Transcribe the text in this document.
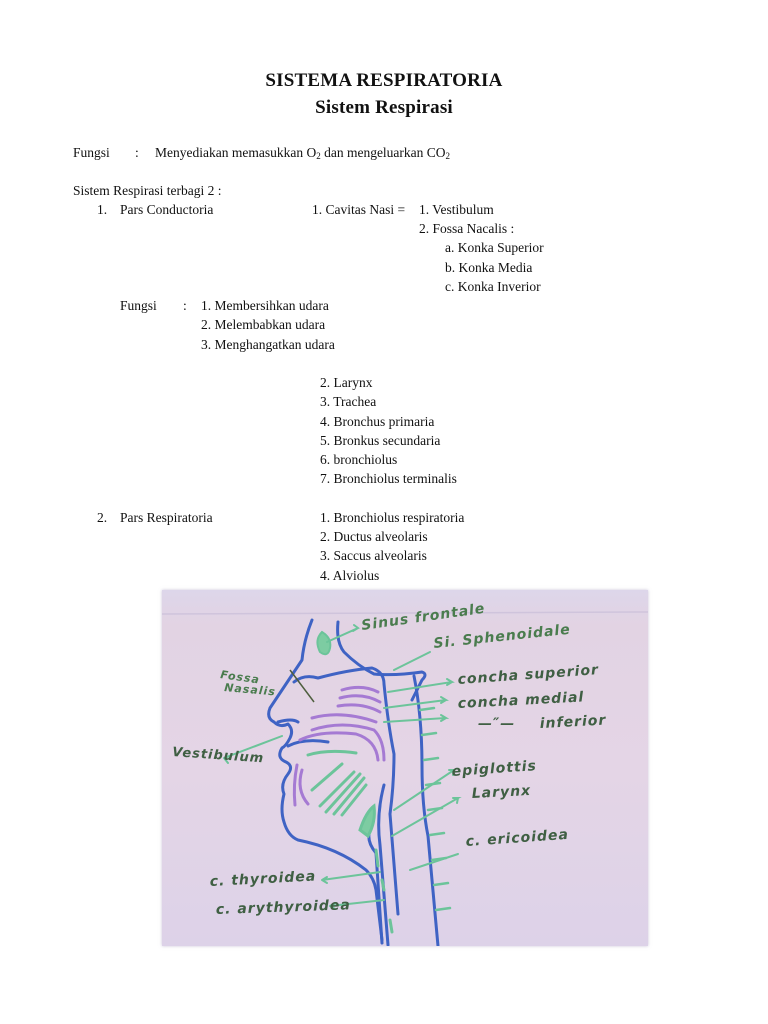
SISTEMA RESPIRATORIA
Sistem Respirasi
Fungsi : Menyediakan memasukkan $O_2$ dan mengeluarkan $CO_2$
Sistem Respirasi terbagi 2 :
1. Pars Conductoria	1. Cavitas Nasi = 1. Vestibulum
2. Fossa Nacalis :
a. Konka Superior
b. Konka Media
c. Konka Inverior
Fungsi : 1. Membersihkan udara
2. Melembabkan udara
3. Menghangatkan udara
2. Larynx
3. Trachea
4. Bronchus primaria
5. Bronkus secundaria
6. bronchiolus
7. Bronchiolus terminalis
2. Pars Respiratoria	1. Bronchiolus respiratoria
2. Ductus alveolaris
3. Saccus alveolaris
4. Alviolus
Sinus frontale
Si. Sphenoidale
concha superior
concha medial
—″— inferior
Fossa
Nasalis
Vestibulum
epiglottis
Larynx
c. ericoidea
c. thyroidea
c. arythyroidea
